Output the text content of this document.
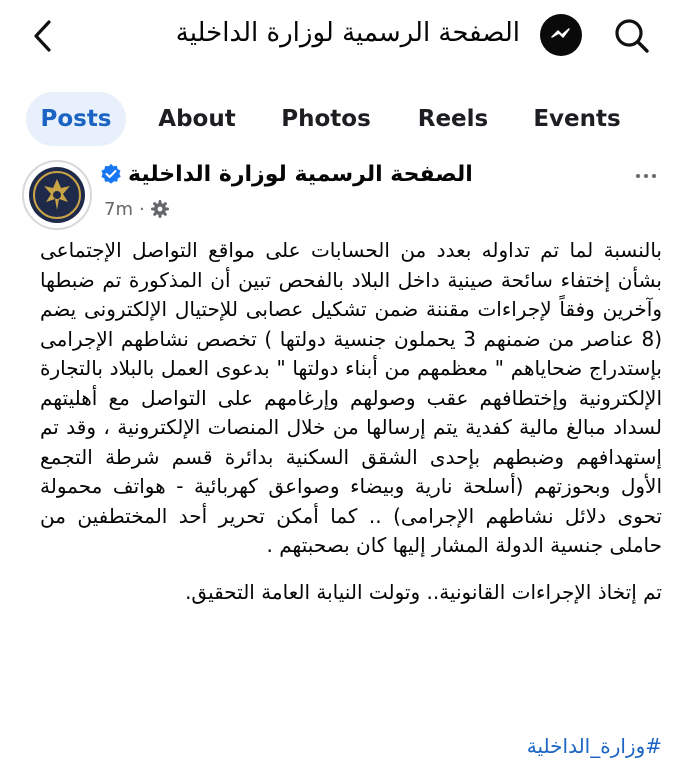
الصفحة الرسمية لوزارة الداخلية
Posts	About	Photos Reels Events
الصفحة الرسمية لوزارة الداخلية
7m ·

بالنسبة لما تم تداوله بعدد من الحسابات على مواقع التواصل الإجتماعى بشأن إختفاء سائحة صينية داخل البلاد بالفحص تبين أن المذكورة تم ضبطها وآخرين وفقاً لإجراءات مقننة ضمن تشكيل عصابى للإحتيال الإلكترونى يضم (8 عناصر من ضمنهم 3 يحملون جنسية دولتها ) تخصص نشاطهم الإجرامى بإستدراج ضحاياهم " معظمهم من أبناء دولتها " بدعوى العمل بالبلاد بالتجارة الإلكترونية وإختطافهم عقب وصولهم وإرغامهم على التواصل مع أهليتهم لسداد مبالغ مالية كفدية يتم إرسالها من خلال المنصات الإلكترونية ، وقد تم إستهدافهم وضبطهم بإحدى الشقق السكنية بدائرة قسم شرطة التجمع الأول وبحوزتهم (أسلحة نارية وبيضاء وصواعق كهربائية - هواتف محمولة تحوى دلائل نشاطهم الإجرامى) .. كما أمكن تحرير أحد المختطفين من حاملى جنسية الدولة المشار إليها كان بصحبتهم .

تم إتخاذ الإجراءات القانونية.. وتولت النيابة العامة التحقيق.

#وزارة_الداخلية
